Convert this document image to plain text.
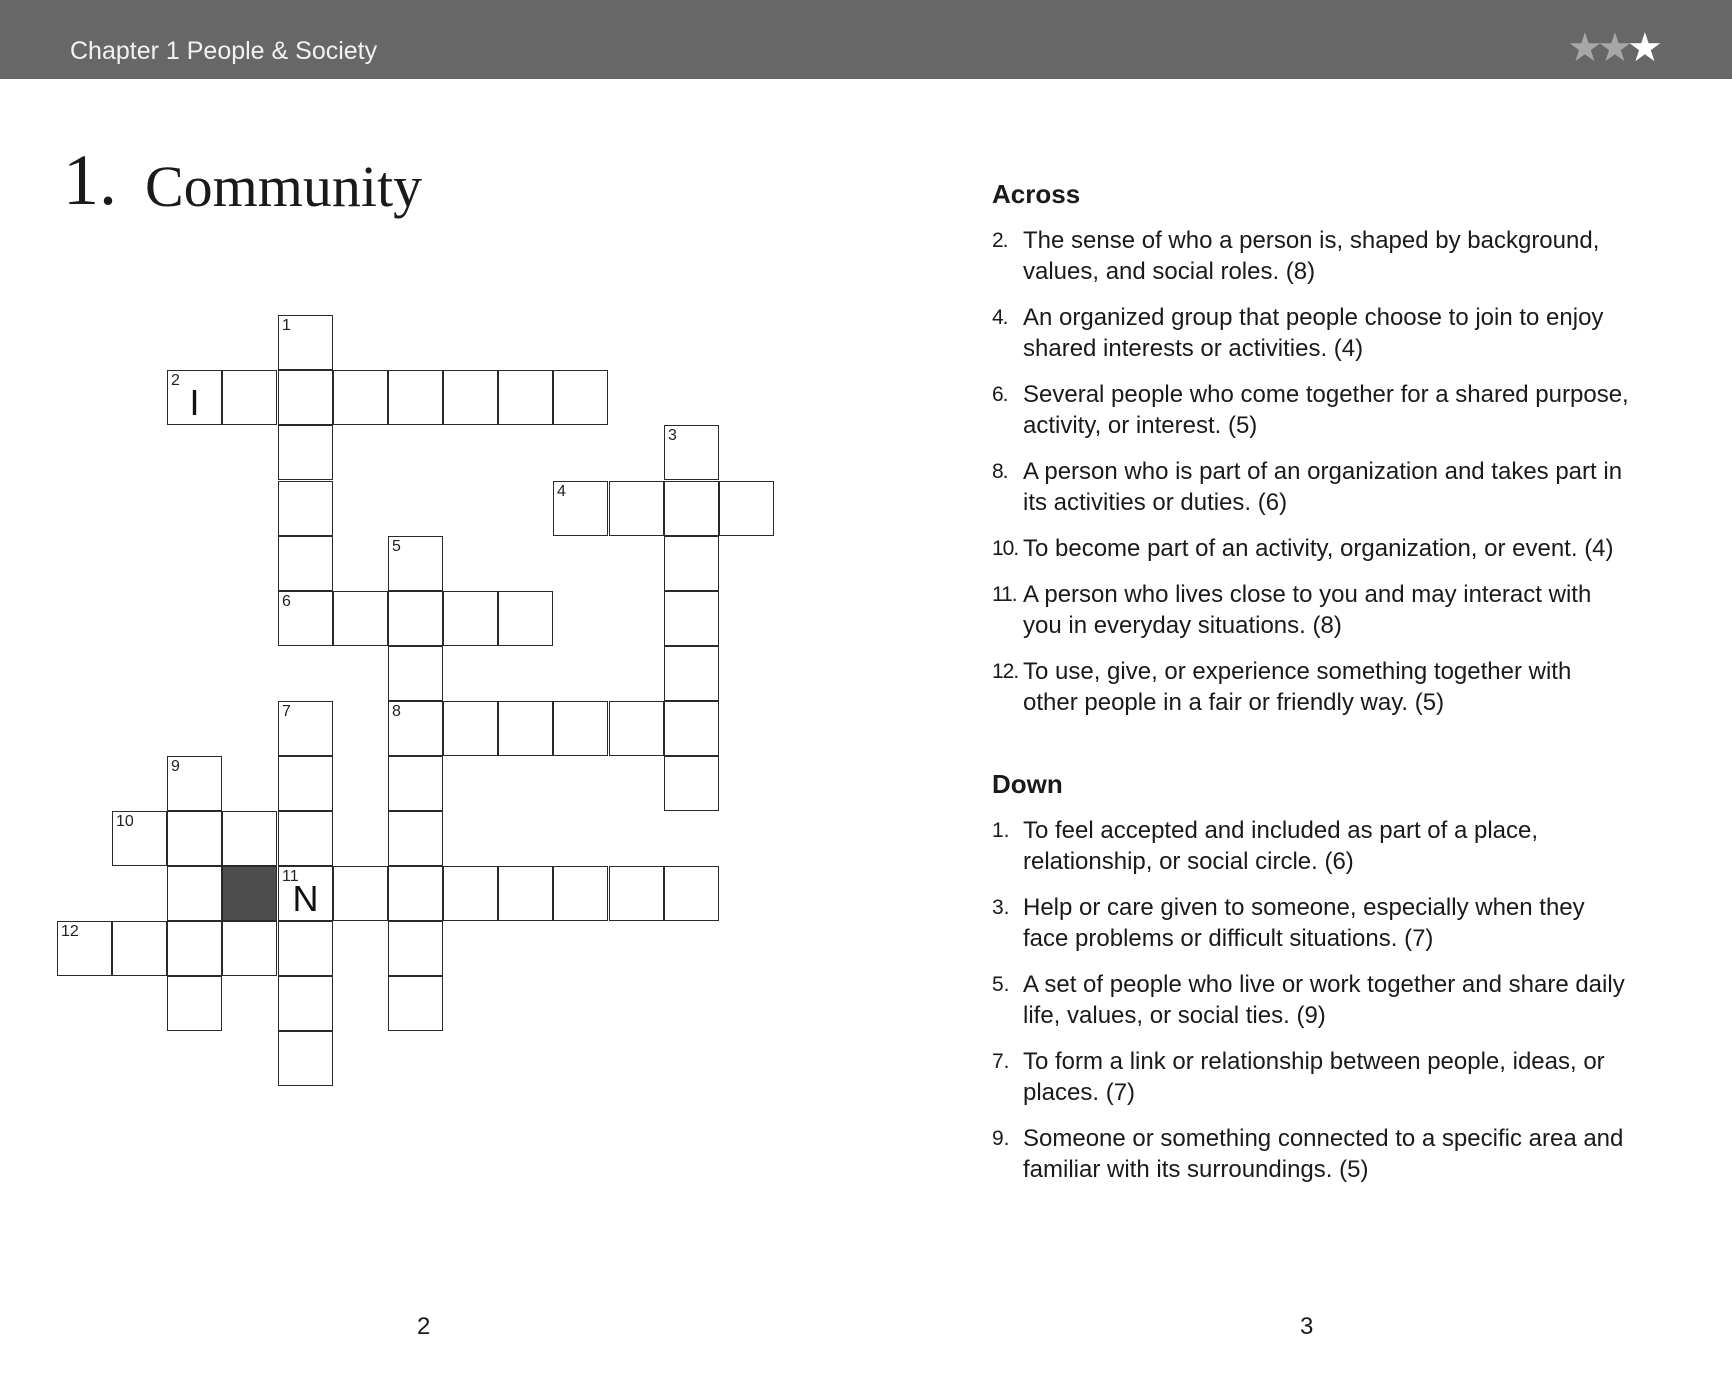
Chapter 1 People & Society	★
★
★
1. Community
1
2
I
3
4
5
6
7	8
9
10
11
N
12
Across
2. The sense of who a person is, shaped by background, values, and social roles. (8)
4. An organized group that people choose to join to enjoy shared interests or activities. (4)
6. Several people who come together for a shared purpose, activity, or interest. (5)
8. A person who is part of an organization and takes part in its activities or duties. (6)
10. To become part of an activity, organization, or event. (4)
11. A person who lives close to you and may interact with you in everyday situations. (8)
12. To use, give, or experience something together with other people in a fair or friendly way. (5)
Down
1. To feel accepted and included as part of a place, relationship, or social circle. (6)
3. Help or care given to someone, especially when they face problems or difficult situations. (7)
5. A set of people who live or work together and share daily life, values, or social ties. (9)
7. To form a link or relationship between people, ideas, or places. (7)
9. Someone or something connected to a specific area and familiar with its surroundings. (5)
2	3
